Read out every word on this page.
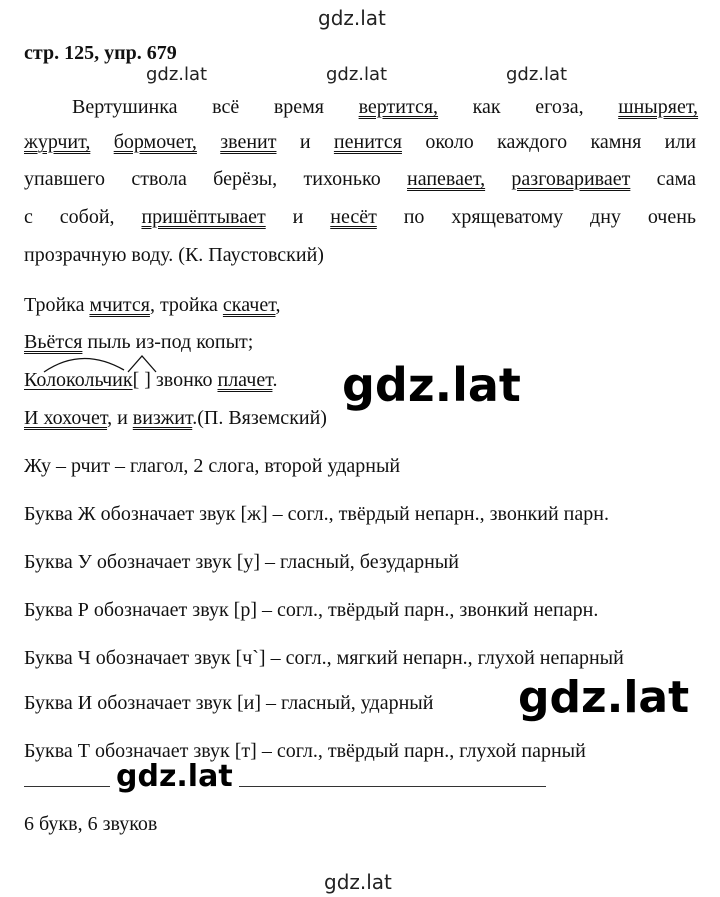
gdz.lat
gdz.lat	gdz.lat	gdz.lat
gdz.lat
стр. 125, упр. 679
Вертушинка всё время вертится, как егоза, шныряет,
журчит, бормочет, звенит и пенится около каждого камня или
упавшего ствола берёзы, тихонько напевает, разговаривает сама
с собой, пришёптывает и несёт по хрящеватому дну очень
прозрачную воду. (К. Паустовский)
Тройка мчится, тройка скачет,
Вьётся пыль из-под копыт;
Колокольчик[ ] звонко плачет.
И хохочет, и визжит.(П. Вяземский)
gdz.lat
Жу – рчит – глагол, 2 слога, второй ударный
Буква Ж обозначает звук [ж] – согл., твёрдый непарн., звонкий парн.
Буква У обозначает звук [у] – гласный, безударный
Буква Р обозначает звук [р] – согл., твёрдый парн., звонкий непарн.
Буква Ч обозначает звук [ч`] – согл., мягкий непарн., глухой непарный
Буква И обозначает звук [и] – гласный, ударный
Буква Т обозначает звук [т] – согл., твёрдый парн., глухой парный
gdz.lat
gdz.lat
6 букв, 6 звуков
